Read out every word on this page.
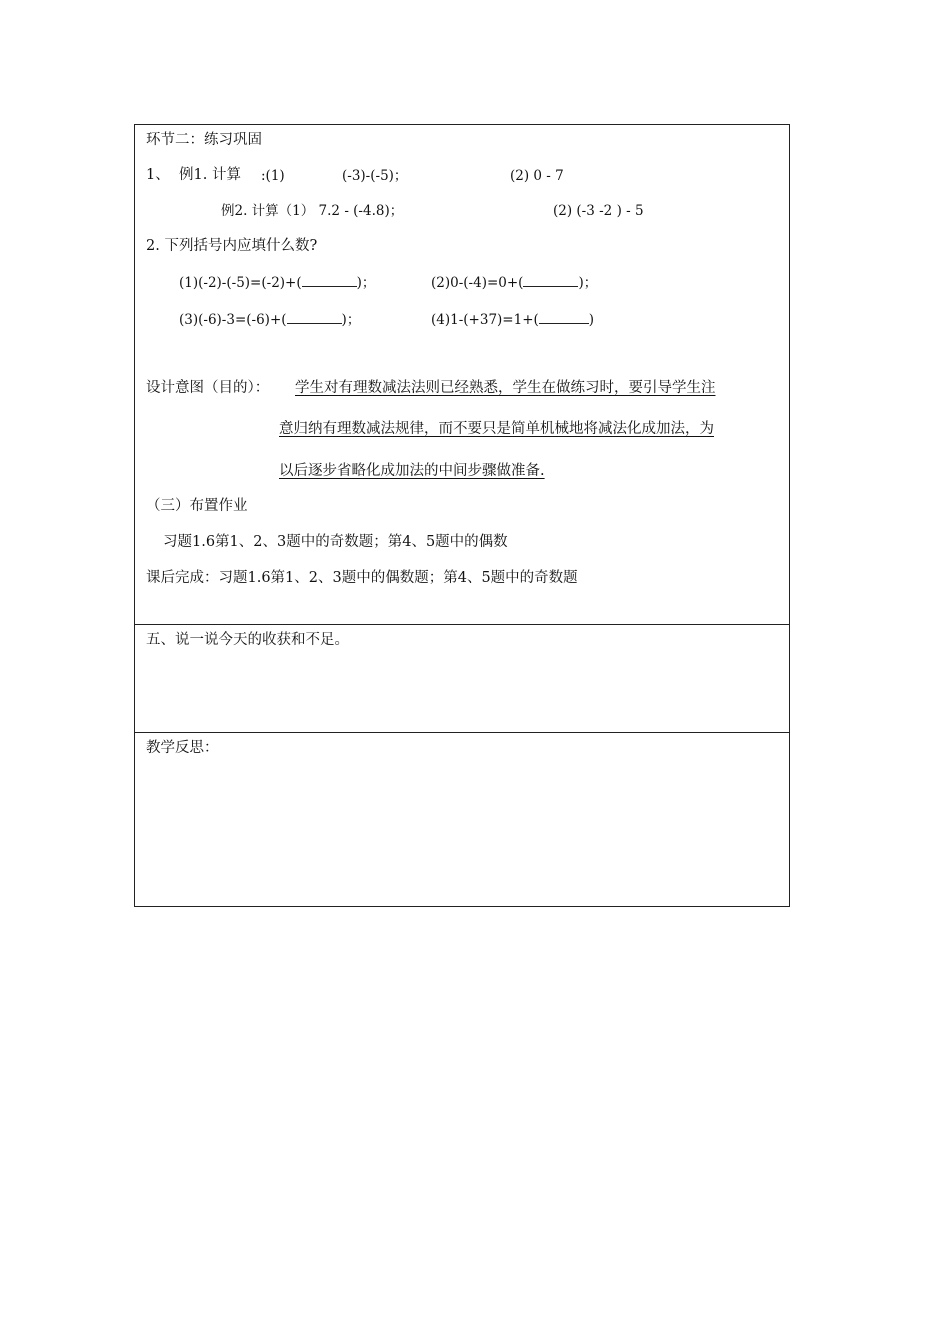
环节二：练习巩固
1、 例1. 计算 :(1)	(-3)-(-5)；	(2) 0 - 7
例2. 计算（1） 7.2 - (-4.8)；	(2) (-3 -2 ) - 5
2. 下列括号内应填什么数?
(1)(-2)-(-5)=(-2)+(	)；	(2)0-(-4)=0+(	)；
(3)(-6)-3=(-6)+(	)；	(4)1-(+37)=1+(	)
设计意图（目的）： 学生对有理数减法法则已经熟悉，学生在做练习时，要引导学生注
意归纳有理数减法规律，而不要只是简单机械地将减法化成加法，为
以后逐步省略化成加法的中间步骤做准备.
（三）布置作业
习题1.6第1、2、3题中的奇数题；第4、5题中的偶数
课后完成：习题1.6第1、2、3题中的偶数题；第4、5题中的奇数题
五、说一说今天的收获和不足。
教学反思：
